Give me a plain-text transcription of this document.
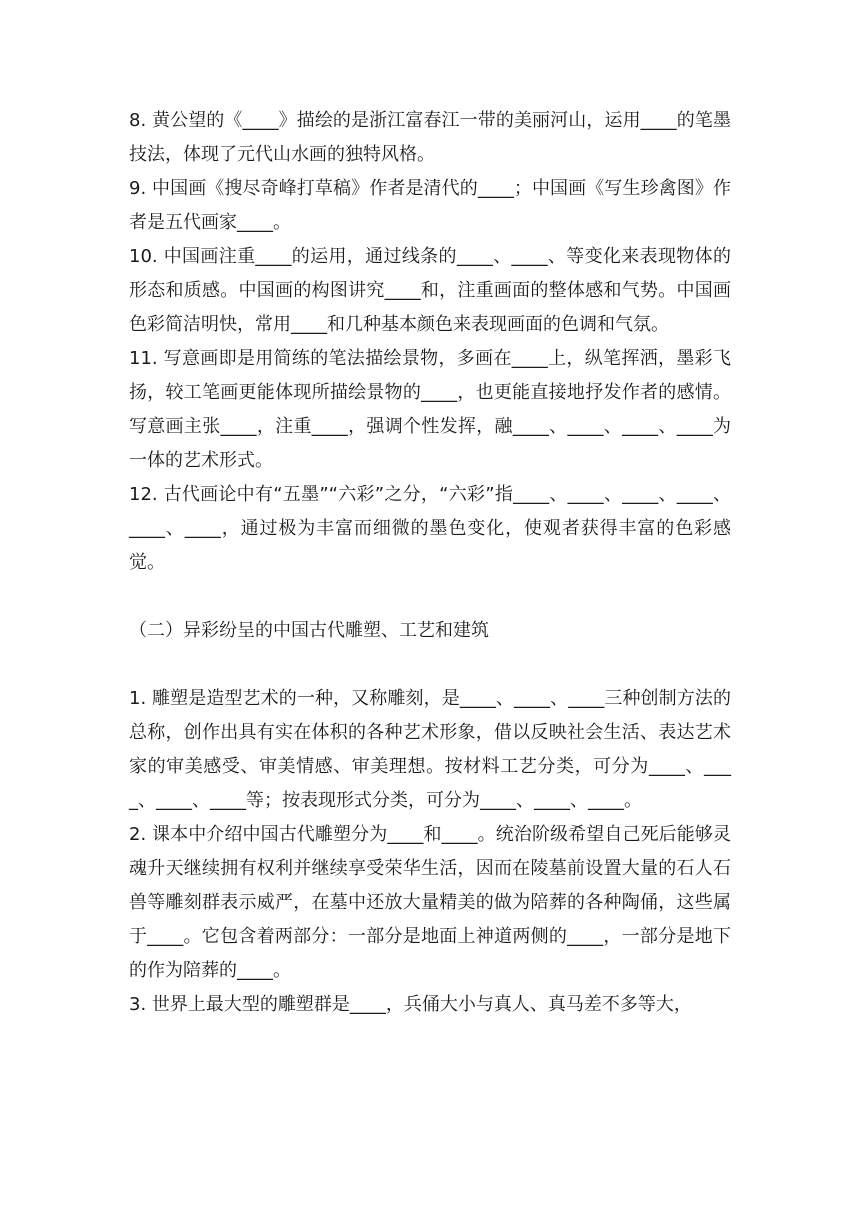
8. 黄公望的《____》描绘的是浙江富春江一带的美丽河山，运用____的笔墨技法，体现了元代山水画的独特风格。

9. 中国画《搜尽奇峰打草稿》作者是清代的____；中国画《写生珍禽图》作者是五代画家____。

10. 中国画注重____的运用，通过线条的____、____、等变化来表现物体的形态和质感。中国画的构图讲究____和，注重画面的整体感和气势。中国画色彩简洁明快，常用____和几种基本颜色来表现画面的色调和气氛。

11. 写意画即是用简练的笔法描绘景物，多画在____上，纵笔挥洒，墨彩飞扬，较工笔画更能体现所描绘景物的____，也更能直接地抒发作者的感情。写意画主张____，注重____，强调个性发挥，融____、____、____、____为一体的艺术形式。

12. 古代画论中有“五墨”“六彩”之分，“六彩”指____、____、____、____、____、____，通过极为丰富而细微的墨色变化，使观者获得丰富的色彩感觉。

（二）异彩纷呈的中国古代雕塑、工艺和建筑

1. 雕塑是造型艺术的一种，又称雕刻，是____、____、____三种创制方法的总称，创作出具有实在体积的各种艺术形象，借以反映社会生活、表达艺术家的审美感受、审美情感、审美理想。按材料工艺分类，可分为____、____、____、____等；按表现形式分类，可分为____、____、____。

2. 课本中介绍中国古代雕塑分为____和____。统治阶级希望自己死后能够灵魂升天继续拥有权利并继续享受荣华生活，因而在陵墓前设置大量的石人石兽等雕刻群表示威严，在墓中还放大量精美的做为陪葬的各种陶俑，这些属于____。它包含着两部分：一部分是地面上神道两侧的____，一部分是地下的作为陪葬的____。

3. 世界上最大型的雕塑群是____，兵俑大小与真人、真马差不多等大，
